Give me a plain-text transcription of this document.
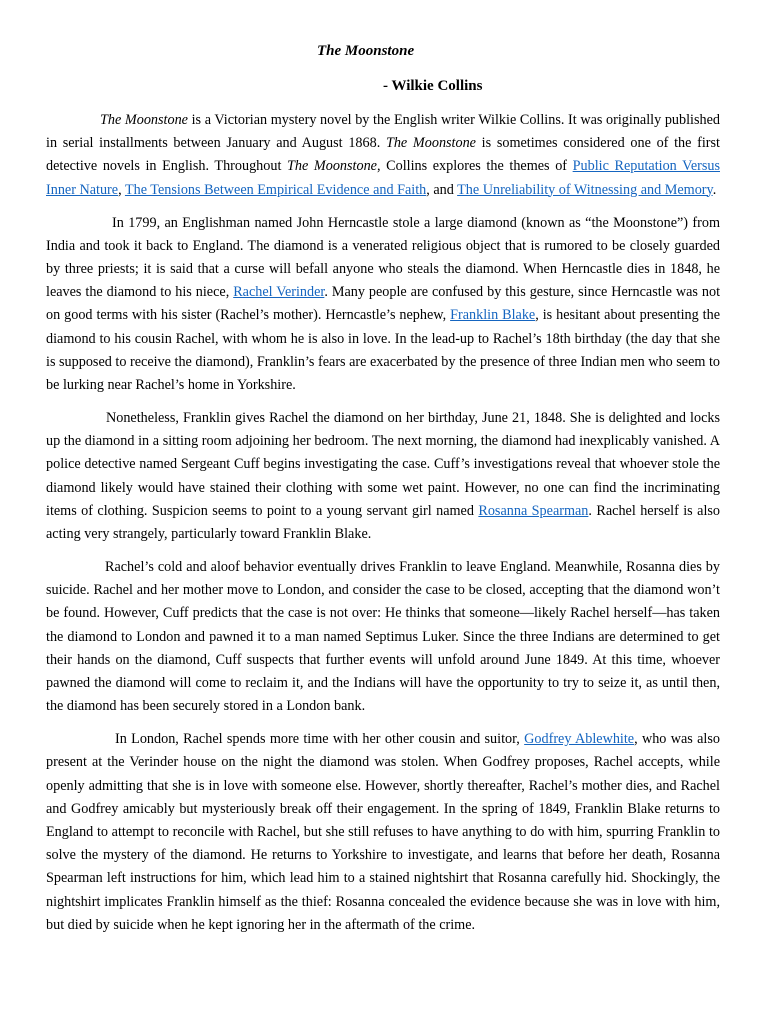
The Moonstone
- Wilkie Collins

The Moonstone is a Victorian mystery novel by the English writer Wilkie Collins. It was originally published in serial installments between January and August 1868. The Moonstone is sometimes considered one of the first detective novels in English. Throughout The Moonstone, Collins explores the themes of Public Reputation Versus Inner Nature, The Tensions Between Empirical Evidence and Faith, and The Unreliability of Witnessing and Memory.

In 1799, an Englishman named John Herncastle stole a large diamond (known as “the Moonstone”) from India and took it back to England. The diamond is a venerated religious object that is rumored to be closely guarded by three priests; it is said that a curse will befall anyone who steals the diamond. When Herncastle dies in 1848, he leaves the diamond to his niece, Rachel Verinder. Many people are confused by this gesture, since Herncastle was not on good terms with his sister (Rachel’s mother). Herncastle’s nephew, Franklin Blake, is hesitant about presenting the diamond to his cousin Rachel, with whom he is also in love. In the lead-up to Rachel’s 18th birthday (the day that she is supposed to receive the diamond), Franklin’s fears are exacerbated by the presence of three Indian men who seem to be lurking near Rachel’s home in Yorkshire.

Nonetheless, Franklin gives Rachel the diamond on her birthday, June 21, 1848. She is delighted and locks up the diamond in a sitting room adjoining her bedroom. The next morning, the diamond had inexplicably vanished. A police detective named Sergeant Cuff begins investigating the case. Cuff’s investigations reveal that whoever stole the diamond likely would have stained their clothing with some wet paint. However, no one can find the incriminating items of clothing. Suspicion seems to point to a young servant girl named Rosanna Spearman. Rachel herself is also acting very strangely, particularly toward Franklin Blake.

Rachel’s cold and aloof behavior eventually drives Franklin to leave England. Meanwhile, Rosanna dies by suicide. Rachel and her mother move to London, and consider the case to be closed, accepting that the diamond won’t be found. However, Cuff predicts that the case is not over: He thinks that someone—likely Rachel herself—has taken the diamond to London and pawned it to a man named Septimus Luker. Since the three Indians are determined to get their hands on the diamond, Cuff suspects that further events will unfold around June 1849. At this time, whoever pawned the diamond will come to reclaim it, and the Indians will have the opportunity to try to seize it, as until then, the diamond has been securely stored in a London bank.

In London, Rachel spends more time with her other cousin and suitor, Godfrey Ablewhite, who was also present at the Verinder house on the night the diamond was stolen. When Godfrey proposes, Rachel accepts, while openly admitting that she is in love with someone else. However, shortly thereafter, Rachel’s mother dies, and Rachel and Godfrey amicably but mysteriously break off their engagement. In the spring of 1849, Franklin Blake returns to England to attempt to reconcile with Rachel, but she still refuses to have anything to do with him, spurring Franklin to solve the mystery of the diamond. He returns to Yorkshire to investigate, and learns that before her death, Rosanna Spearman left instructions for him, which lead him to a stained nightshirt that Rosanna carefully hid. Shockingly, the nightshirt implicates Franklin himself as the thief: Rosanna concealed the evidence because she was in love with him, but died by suicide when he kept ignoring her in the aftermath of the crime.
